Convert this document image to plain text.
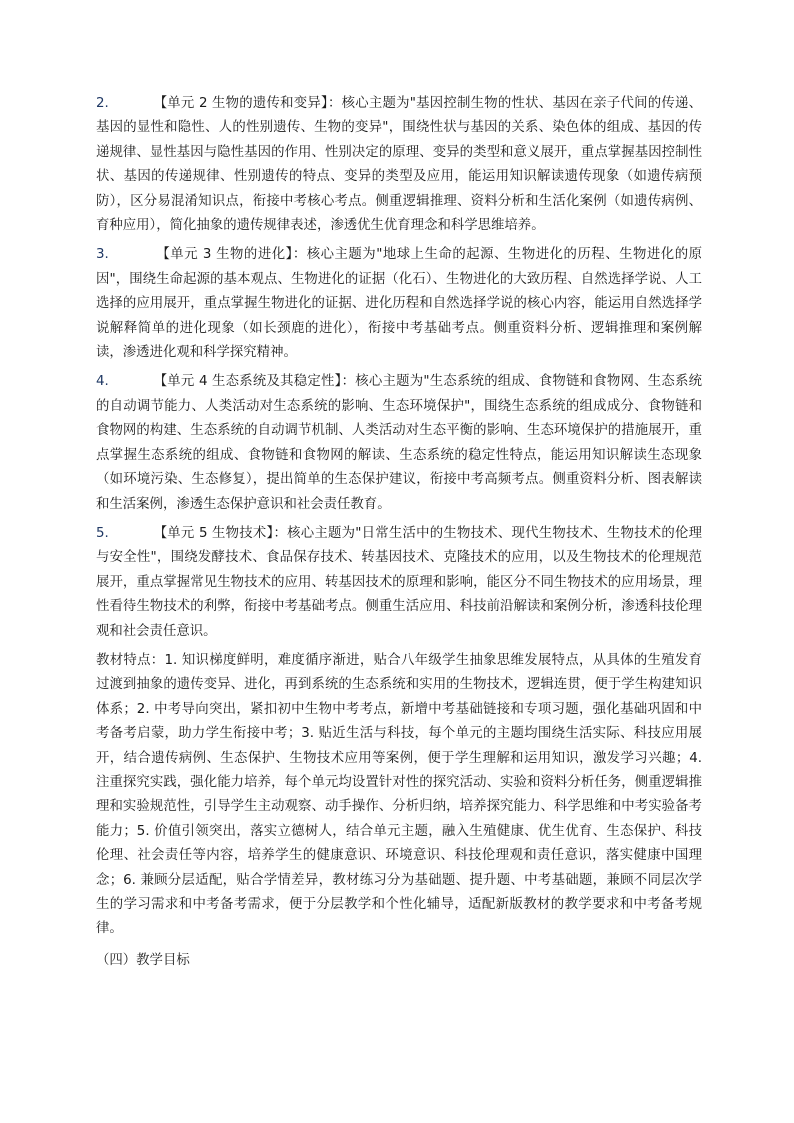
2.	【单元 2 生物的遗传和变异】：核心主题为"基因控制生物的性状、基因在亲子代间的传递、基因的显性和隐性、人的性别遗传、生物的变异"，围绕性状与基因的关系、染色体的组成、基因的传递规律、显性基因与隐性基因的作用、性别决定的原理、变异的类型和意义展开，重点掌握基因控制性状、基因的传递规律、性别遗传的特点、变异的类型及应用，能运用知识解读遗传现象（如遗传病预防），区分易混淆知识点，衔接中考核心考点。侧重逻辑推理、资料分析和生活化案例（如遗传病例、育种应用），简化抽象的遗传规律表述，渗透优生优育理念和科学思维培养。

3.	【单元 3 生物的进化】：核心主题为"地球上生命的起源、生物进化的历程、生物进化的原因"，围绕生命起源的基本观点、生物进化的证据（化石）、生物进化的大致历程、自然选择学说、人工选择的应用展开，重点掌握生物进化的证据、进化历程和自然选择学说的核心内容，能运用自然选择学说解释简单的进化现象（如长颈鹿的进化），衔接中考基础考点。侧重资料分析、逻辑推理和案例解读，渗透进化观和科学探究精神。

4.	【单元 4 生态系统及其稳定性】：核心主题为"生态系统的组成、食物链和食物网、生态系统的自动调节能力、人类活动对生态系统的影响、生态环境保护"，围绕生态系统的组成成分、食物链和食物网的构建、生态系统的自动调节机制、人类活动对生态平衡的影响、生态环境保护的措施展开，重点掌握生态系统的组成、食物链和食物网的解读、生态系统的稳定性特点，能运用知识解读生态现象（如环境污染、生态修复），提出简单的生态保护建议，衔接中考高频考点。侧重资料分析、图表解读和生活案例，渗透生态保护意识和社会责任教育。

5.	【单元 5 生物技术】：核心主题为"日常生活中的生物技术、现代生物技术、生物技术的伦理与安全性"，围绕发酵技术、食品保存技术、转基因技术、克隆技术的应用，以及生物技术的伦理规范展开，重点掌握常见生物技术的应用、转基因技术的原理和影响，能区分不同生物技术的应用场景，理性看待生物技术的利弊，衔接中考基础考点。侧重生活应用、科技前沿解读和案例分析，渗透科技伦理观和社会责任意识。

教材特点：1. 知识梯度鲜明，难度循序渐进，贴合八年级学生抽象思维发展特点，从具体的生殖发育过渡到抽象的遗传变异、进化，再到系统的生态系统和实用的生物技术，逻辑连贯，便于学生构建知识体系；2. 中考导向突出，紧扣初中生物中考考点，新增中考基础链接和专项习题，强化基础巩固和中考备考启蒙，助力学生衔接中考；3. 贴近生活与科技，每个单元的主题均围绕生活实际、科技应用展开，结合遗传病例、生态保护、生物技术应用等案例，便于学生理解和运用知识，激发学习兴趣；4. 注重探究实践，强化能力培养，每个单元均设置针对性的探究活动、实验和资料分析任务，侧重逻辑推理和实验规范性，引导学生主动观察、动手操作、分析归纳，培养探究能力、科学思维和中考实验备考能力；5. 价值引领突出，落实立德树人，结合单元主题，融入生殖健康、优生优育、生态保护、科技伦理、社会责任等内容，培养学生的健康意识、环境意识、科技伦理观和责任意识，落实健康中国理念；6. 兼顾分层适配，贴合学情差异，教材练习分为基础题、提升题、中考基础题，兼顾不同层次学生的学习需求和中考备考需求，便于分层教学和个性化辅导，适配新版教材的教学要求和中考备考规律。

（四）教学目标
